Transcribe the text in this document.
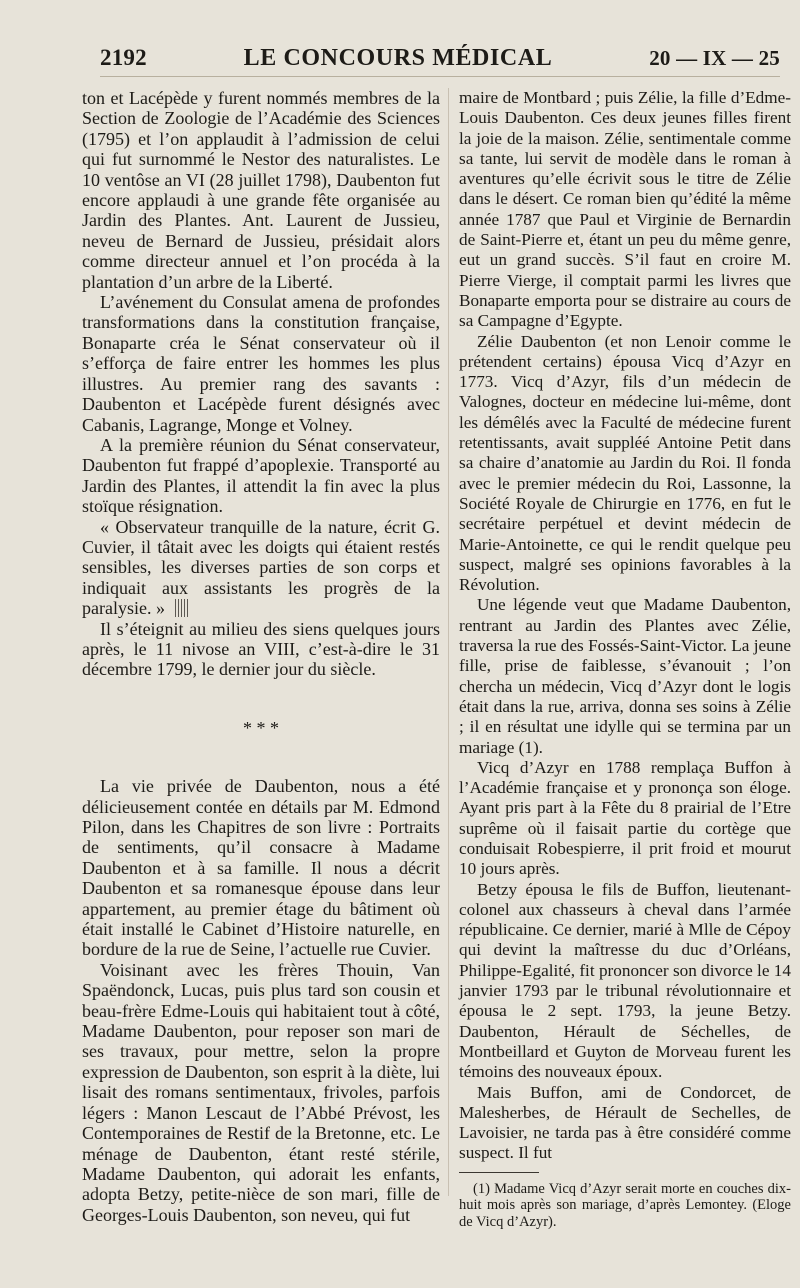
2192	LE CONCOURS MÉDICAL	20 — IX — 25

ton et Lacépède y furent nommés membres de la Section de Zoologie de l’Académie des Sciences (1795) et l’on applaudit à l’admission de celui qui fut surnommé le Nestor des naturalistes. Le 10 ventôse an VI (28 juillet 1798), Daubenton fut encore applaudi à une grande fête organisée au Jardin des Plantes. Ant. Laurent de Jussieu, neveu de Bernard de Jussieu, présidait alors comme directeur annuel et l’on procéda à la plantation d’un arbre de la Liberté.

L’avénement du Consulat amena de profondes transformations dans la constitution française, Bonaparte créa le Sénat conservateur où il s’efforça de faire entrer les hommes les plus illustres. Au premier rang des savants : Daubenton et Lacépède furent désignés avec Cabanis, Lagrange, Monge et Volney.

A la première réunion du Sénat conservateur, Daubenton fut frappé d’apoplexie. Transporté au Jardin des Plantes, il attendit la fin avec la plus stoïque résignation.

« Observateur tranquille de la nature, écrit G. Cuvier, il tâtait avec les doigts qui étaient restés sensibles, les diverses parties de son corps et indiquait aux assistants les progrès de la paralysie. »

Il s’éteignit au milieu des siens quelques jours après, le 11 nivose an VIII, c’est-à-dire le 31 décembre 1799, le dernier jour du siècle.

* * *

La vie privée de Daubenton, nous a été délicieusement contée en détails par M. Edmond Pilon, dans les Chapitres de son livre : Portraits de sentiments, qu’il consacre à Madame Daubenton et à sa famille. Il nous a décrit Daubenton et sa romanesque épouse dans leur appartement, au premier étage du bâtiment où était installé le Cabinet d’Histoire naturelle, en bordure de la rue de Seine, l’actuelle rue Cuvier.

Voisinant avec les frères Thouin, Van Spaëndonck, Lucas, puis plus tard son cousin et beau-frère Edme-Louis qui habitaient tout à côté, Madame Daubenton, pour reposer son mari de ses travaux, pour mettre, selon la propre expression de Daubenton, son esprit à la diète, lui lisait des romans sentimentaux, frivoles, parfois légers : Manon Lescaut de l’Abbé Prévost, les Contemporaines de Restif de la Bretonne, etc. Le ménage de Daubenton, étant resté stérile, Madame Daubenton, qui adorait les enfants, adopta Betzy, petite-nièce de son mari, fille de Georges-Louis Daubenton, son neveu, qui fut

maire de Montbard ; puis Zélie, la fille d’Edme-Louis Daubenton. Ces deux jeunes filles firent la joie de la maison. Zélie, sentimentale comme sa tante, lui servit de modèle dans le roman à aventures qu’elle écrivit sous le titre de Zélie dans le désert. Ce roman bien qu’édité la même année 1787 que Paul et Virginie de Bernardin de Saint-Pierre et, étant un peu du même genre, eut un grand succès. S’il faut en croire M. Pierre Vierge, il comptait parmi les livres que Bonaparte emporta pour se distraire au cours de sa Campagne d’Egypte.

Zélie Daubenton (et non Lenoir comme le prétendent certains) épousa Vicq d’Azyr en 1773. Vicq d’Azyr, fils d’un médecin de Valognes, docteur en médecine lui-même, dont les démêlés avec la Faculté de médecine furent retentissants, avait suppléé Antoine Petit dans sa chaire d’anatomie au Jardin du Roi. Il fonda avec le premier médecin du Roi, Lassonne, la Société Royale de Chirurgie en 1776, en fut le secrétaire perpétuel et devint médecin de Marie-Antoinette, ce qui le rendit quelque peu suspect, malgré ses opinions favorables à la Révolution.

Une légende veut que Madame Daubenton, rentrant au Jardin des Plantes avec Zélie, traversa la rue des Fossés-Saint-Victor. La jeune fille, prise de faiblesse, s’évanouit ; l’on chercha un médecin, Vicq d’Azyr dont le logis était dans la rue, arriva, donna ses soins à Zélie ; il en résultat une idylle qui se termina par un mariage (1).

Vicq d’Azyr en 1788 remplaça Buffon à l’Académie française et y prononça son éloge. Ayant pris part à la Fête du 8 prairial de l’Etre suprême où il faisait partie du cortège que conduisait Robespierre, il prit froid et mourut 10 jours après.

Betzy épousa le fils de Buffon, lieutenant-colonel aux chasseurs à cheval dans l’armée républicaine. Ce dernier, marié à Mlle de Cépoy qui devint la maîtresse du duc d’Orléans, Philippe-Egalité, fit prononcer son divorce le 14 janvier 1793 par le tribunal révolutionnaire et épousa le 2 sept. 1793, la jeune Betzy. Daubenton, Hérault de Séchelles, de Montbeillard et Guyton de Morveau furent les témoins des nouveaux époux.

Mais Buffon, ami de Condorcet, de Malesherbes, de Hérault de Sechelles, de Lavoisier, ne tarda pas à être considéré comme suspect. Il fut

(1) Madame Vicq d’Azyr serait morte en couches dix-huit mois après son mariage, d’après Lemontey. (Eloge de Vicq d’Azyr).
